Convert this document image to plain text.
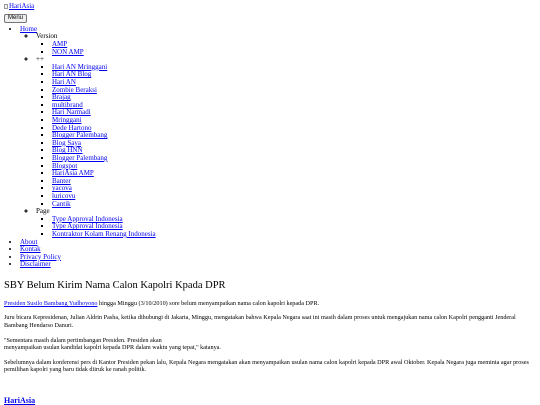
HariAsia
Menu
• Home
◦ Version
▪ AMP
▪ NON AMP
◦ ++
▪ Hari AN Mringgani
▪ Hari AN Blog
▪ Hari AN
▪ Zombie Beraksi
▪ Brajag
▪ multibrand
▪ Hari Narmadi
▪ Mringgani
▪ Dede Hartono
▪ Blogger Palembang
▪ Blog Saya
▪ Blog HNN
▪ Blogger Palembang
▪ Blogspot
▪ HariAsia AMP
▪ Banter
▪ yacova
▪ luricovu
▪ Cantik
◦ Page
▪ Type Approval Indonesia
▪ Type Approval Indonesia
▪ Kontraktor Kolam Renang Indonesia
• About
• Kontak
• Privacy Policy
• Disclaimer
SBY Belum Kirim Nama Calon Kapolri Kpada DPR

Presiden Susilo Bambang Yudhoyono hingga Minggu (3/10/2010) sore belum menyampaikan nama calon kapolri kepada DPR.

Juru bicara Kepresidenan, Julian Aldrin Pasha, ketika dihubungi di Jakarta, Minggu, mengatakan bahwa Kepala Negara saat ini masih dalam proses untuk mengajukan nama calon Kapolri pengganti Jenderal Bambang Hendarso Danuri.

"Sementara masih dalam pertimbangan Presiden. Presiden akan
menyampaikan usulan kandidat kapolri kepada DPR dalam waktu yang tepat," katanya.

Sebelumnya dalam konferensi pers di Kantor Presiden pekan lalu, Kepala Negara mengatakan akan menyampaikan usulan nama calon kapolri kepada DPR awal Oktober. Kepala Negara juga meminta agar proses pemilihan kapolri yang baru tidak diiruk ke ranah politik.

HariAsia
